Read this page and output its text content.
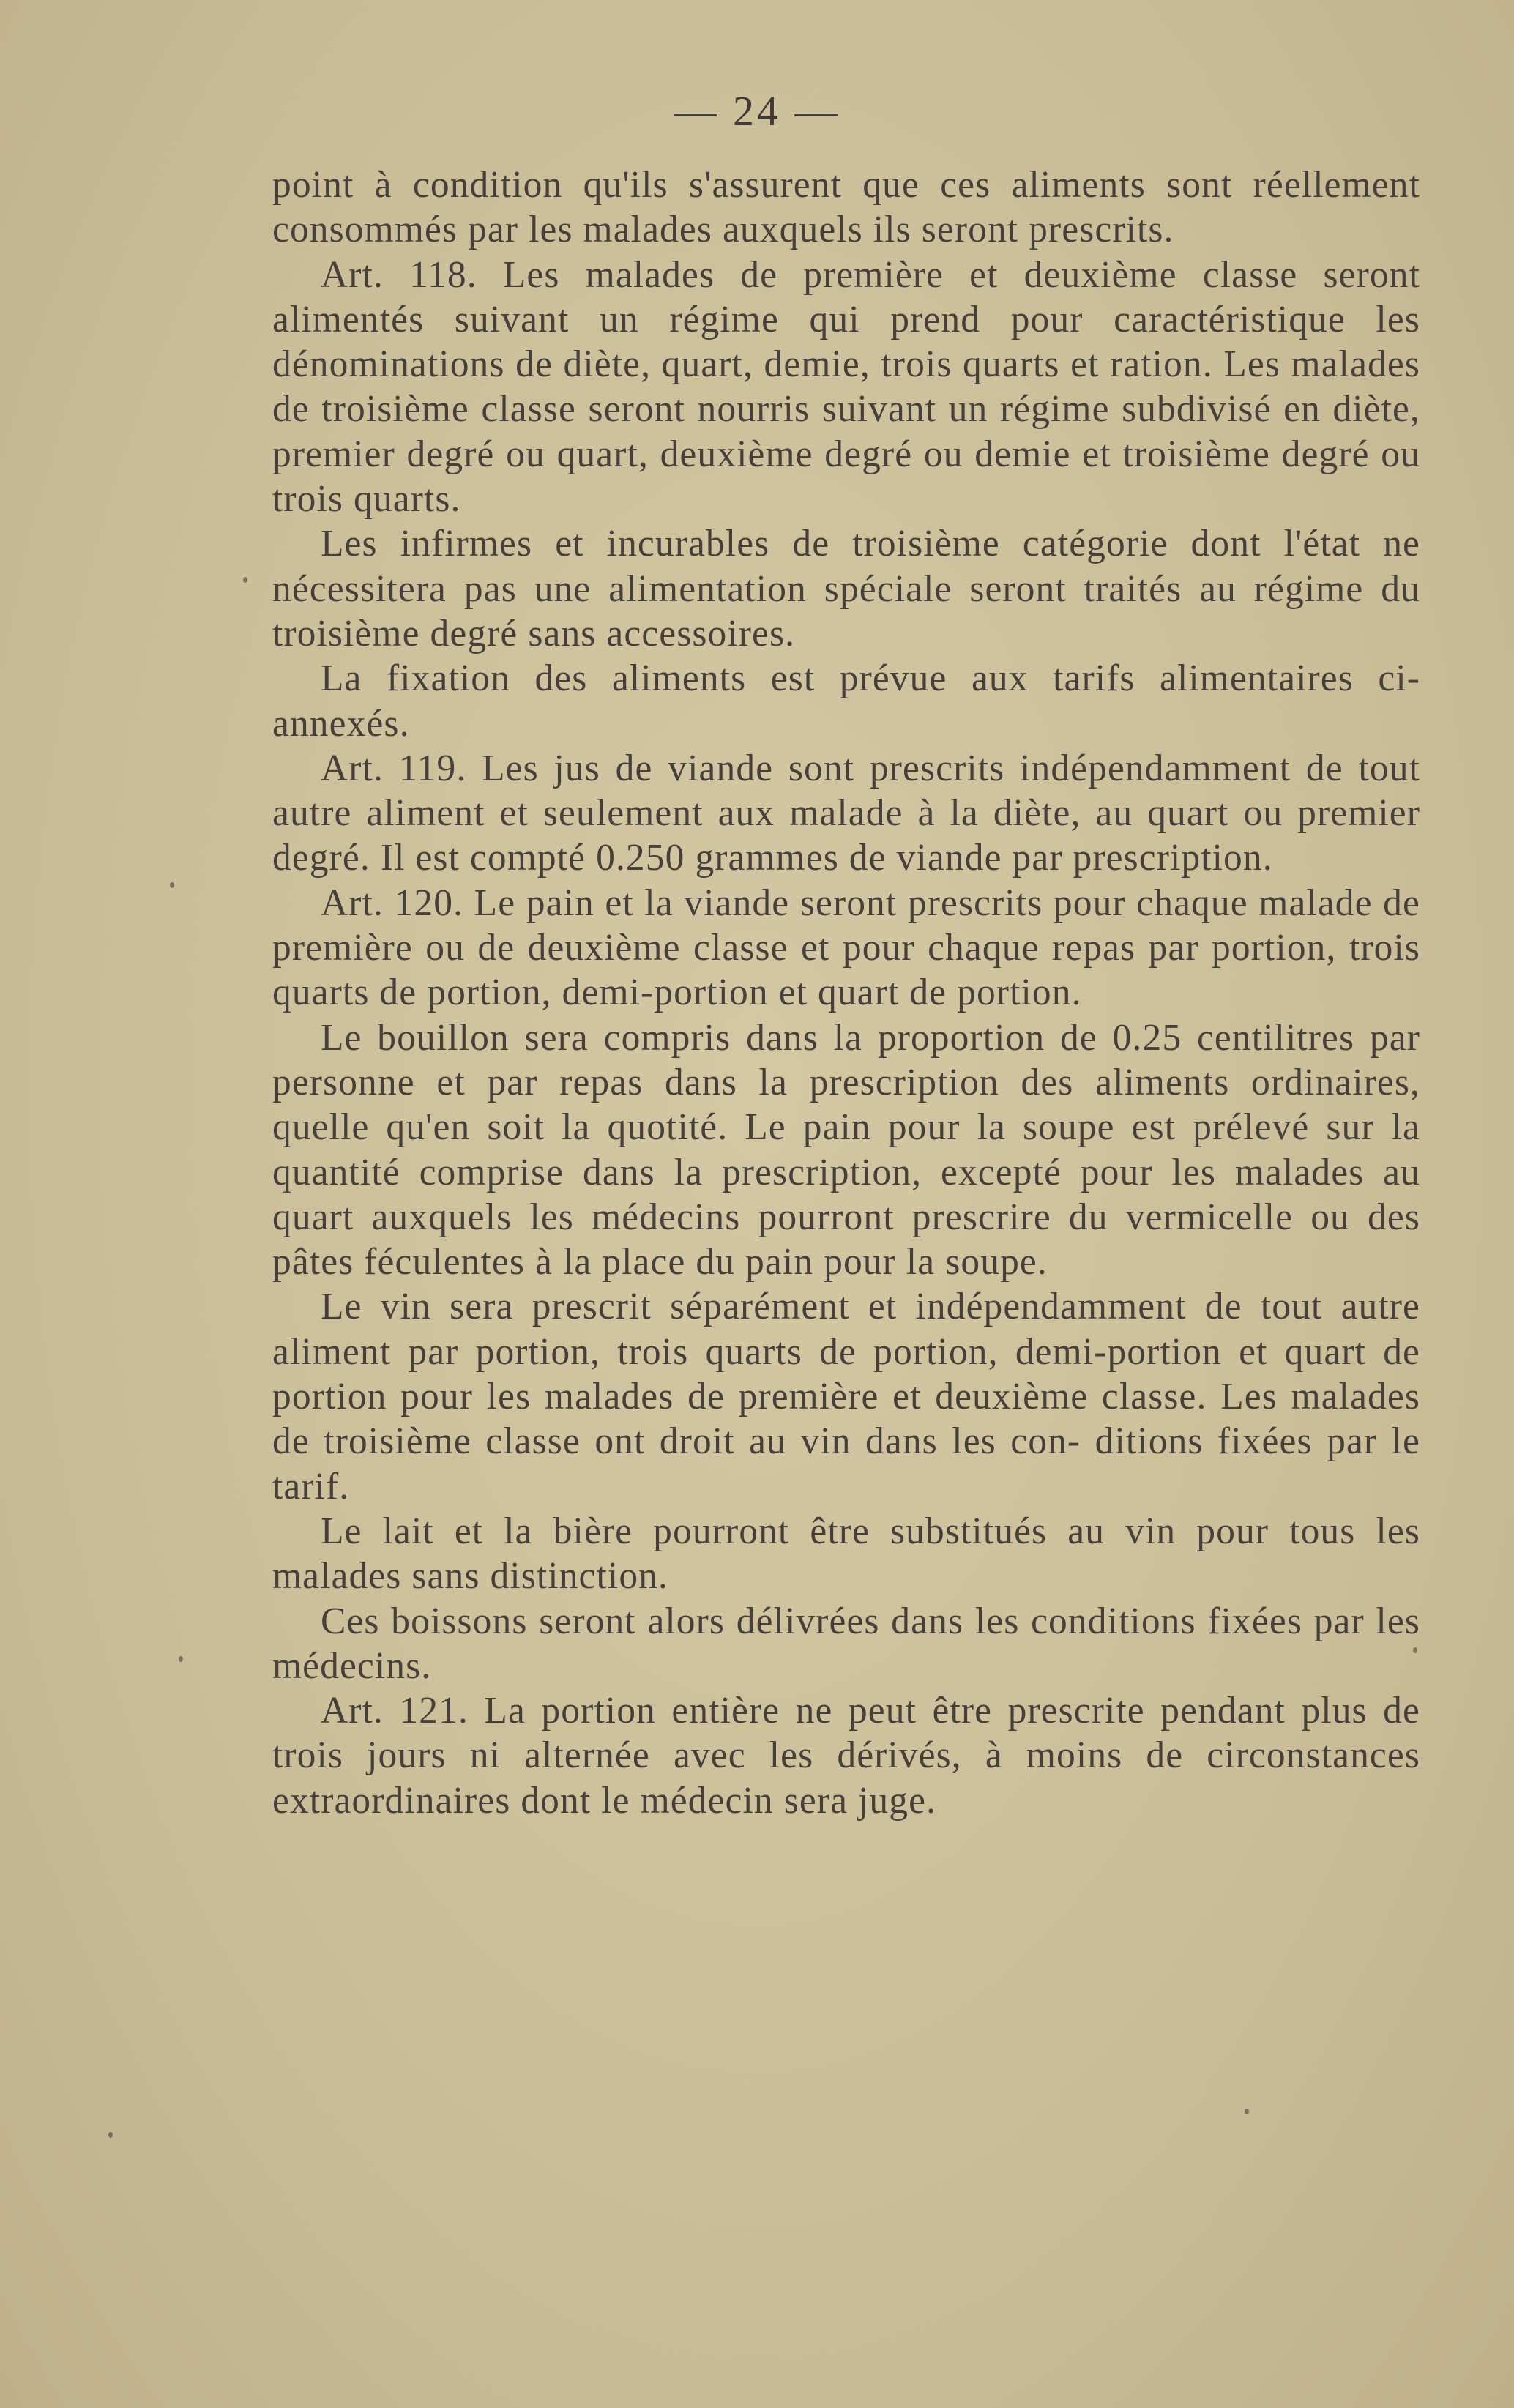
— 24 —

point à condition qu'ils s'assurent que ces aliments sont réellement consommés par les malades auxquels ils seront prescrits.

Art. 118. Les malades de première et deuxième classe seront alimentés suivant un régime qui prend pour caractéristique les dénominations de diète, quart, demie, trois quarts et ration. Les malades de troisième classe seront nourris suivant un régime subdivisé en diète, premier degré ou quart, deuxième degré ou demie et troisième degré ou trois quarts.

Les infirmes et incurables de troisième catégorie dont l'état ne nécessitera pas une alimentation spéciale seront traités au régime du troisième degré sans accessoires.

La fixation des aliments est prévue aux tarifs alimentaires ci-annexés.

Art. 119. Les jus de viande sont prescrits indépendamment de tout autre aliment et seulement aux malade à la diète, au quart ou premier degré. Il est compté 0.250 grammes de viande par prescription.

Art. 120. Le pain et la viande seront prescrits pour chaque malade de première ou de deuxième classe et pour chaque repas par portion, trois quarts de portion, demi-portion et quart de portion.

Le bouillon sera compris dans la proportion de 0.25 centilitres par personne et par repas dans la prescription des aliments ordinaires, quelle qu'en soit la quotité. Le pain pour la soupe est prélevé sur la quantité comprise dans la prescription, excepté pour les malades au quart auxquels les médecins pourront prescrire du vermicelle ou des pâtes féculentes à la place du pain pour la soupe.

Le vin sera prescrit séparément et indépendamment de tout autre aliment par portion, trois quarts de portion, demi-portion et quart de portion pour les malades de première et deuxième classe. Les malades de troisième classe ont droit au vin dans les con- ditions fixées par le tarif.

Le lait et la bière pourront être substitués au vin pour tous les malades sans distinction.

Ces boissons seront alors délivrées dans les conditions fixées par les médecins.

Art. 121. La portion entière ne peut être prescrite pendant plus de trois jours ni alternée avec les dérivés, à moins de circonstances extraordinaires dont le médecin sera juge.
